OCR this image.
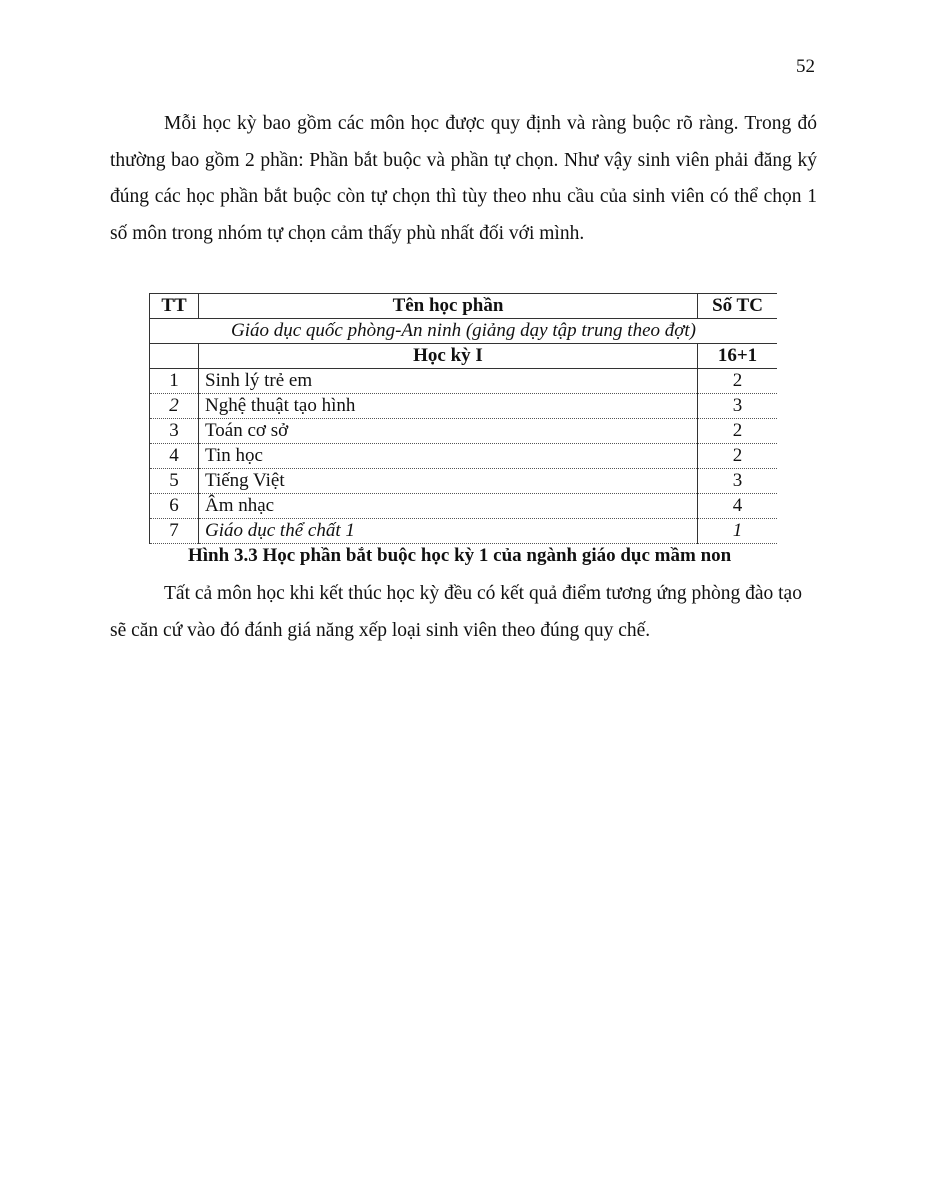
52

Mỗi học kỳ bao gồm các môn học được quy định và ràng buộc rõ ràng. Trong đó thường bao gồm 2 phần: Phần bắt buộc và phần tự chọn. Như vậy sinh viên phải đăng ký đúng các học phần bắt buộc còn tự chọn thì tùy theo nhu cầu của sinh viên có thể chọn 1 số môn trong nhóm tự chọn cảm thấy phù nhất đối với mình.

TT	Tên học phần	Số TC
Giáo dục quốc phòng-An ninh (giảng dạy tập trung theo đợt)		
	Học kỳ I	16+1
1	Sinh lý trẻ em	2
2	Nghệ thuật tạo hình	3
3	Toán cơ sở	2
4	Tin học	2
5	Tiếng Việt	3
6	Âm nhạc	4
7	Giáo dục thể chất 1	1
Hình 3.3 Học phần bắt buộc học kỳ 1 của ngành giáo dục mầm non

Tất cả môn học khi kết thúc học kỳ đều có kết quả điểm tương ứng phòng đào tạo sẽ căn cứ vào đó đánh giá năng xếp loại sinh viên theo đúng quy chế.
